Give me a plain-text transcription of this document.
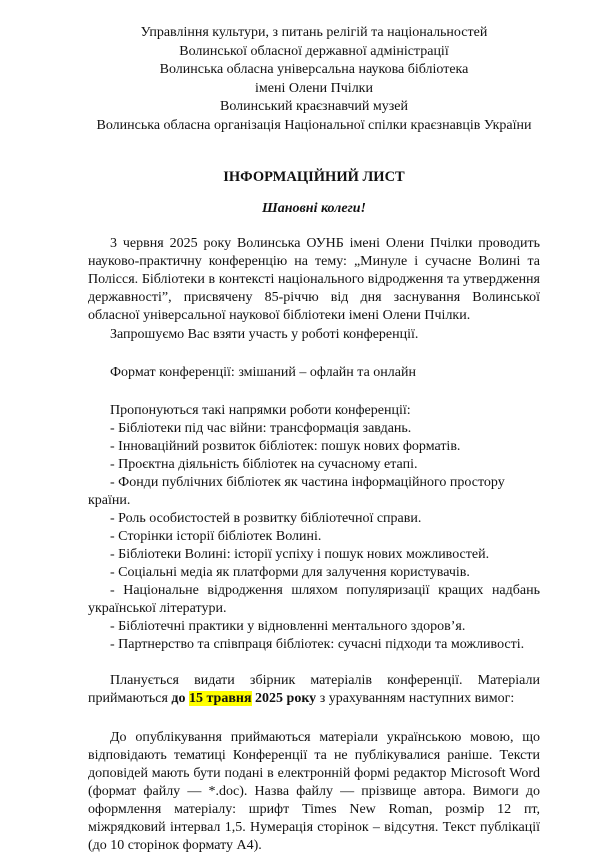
Управління культури, з питань релігій та національностей
Волинської обласної державної адміністрації
Волинська обласна універсальна наукова бібліотека
імені Олени Пчілки
Волинський краєзнавчий музей
Волинська обласна організація Національної спілки краєзнавців України
ІНФОРМАЦІЙНИЙ ЛИСТ
Шановні колеги!

3 червня 2025 року Волинська ОУНБ імені Олени Пчілки проводить науково-практичну конференцію на тему: „Минуле і сучасне Волині та Полісся. Бібліотеки в контексті національного відродження та утвердження державності”, присвячену 85-річчю від дня заснування Волинської обласної універсальної наукової бібліотеки імені Олени Пчілки.

Запрошуємо Вас взяти участь у роботі конференції.

Формат конференції: змішаний – офлайн та онлайн

Пропонуються такі напрямки роботи конференції:

- Бібліотеки під час війни: трансформація завдань.

- Інноваційний розвиток бібліотек: пошук нових форматів.

- Проєктна діяльність бібліотек на сучасному етапі.

- Фонди публічних бібліотек як частина інформаційного простору країни.

- Роль особистостей в розвитку бібліотечної справи.

- Сторінки історії бібліотек Волині.

- Бібліотеки Волині: історії успіху і пошук нових можливостей.

- Соціальні медіа як платформи для залучення користувачів.

- Національне відродження шляхом популяризації кращих надбань української літератури.

- Бібліотечні практики у відновленні ментального здоров’я.

- Партнерство та співпраця бібліотек: сучасні підходи та можливості.

Планується видати збірник матеріалів конференції. Матеріали приймаються до 15 травня 2025 року з урахуванням наступних вимог:

До опублікування приймаються матеріали українською мовою, що відповідають тематиці Конференції та не публікувалися раніше. Тексти доповідей мають бути подані в електронній формі редактор Microsoft Word (формат файлу — *.doc). Назва файлу — прізвище автора. Вимоги до оформлення матеріалу: шрифт Times New Roman, розмір 12 пт, міжрядковий інтервал 1,5. Нумерація сторінок – відсутня. Текст публікації (до 10 сторінок формату А4).
